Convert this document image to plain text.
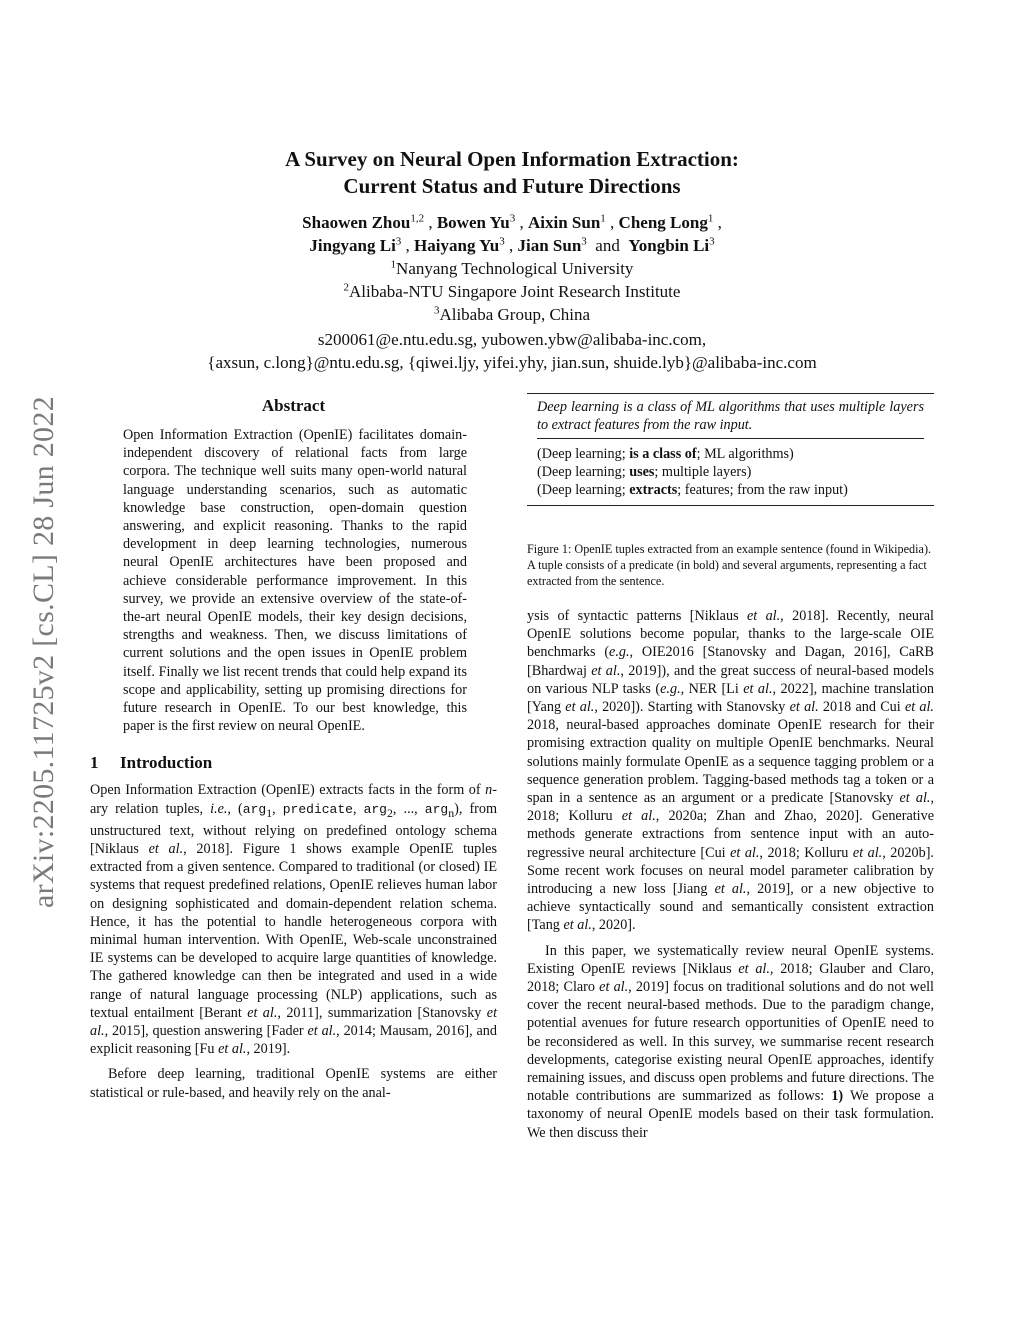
arXiv:2205.11725v2 [cs.CL] 28 Jun 2022
A Survey on Neural Open Information Extraction:
Current Status and Future Directions
Shaowen Zhou$^{1,2}$ , Bowen Yu$^3$ , Aixin Sun$^1$ , Cheng Long$^1$ ,
Jingyang Li$^3$ , Haiyang Yu$^3$ , Jian Sun$^3$ and Yongbin Li$^3$
$^1$Nanyang Technological University
$^2$Alibaba-NTU Singapore Joint Research Institute
$^3$Alibaba Group, China
s200061@e.ntu.edu.sg, yubowen.ybw@alibaba-inc.com,
{axsun, c.long}@ntu.edu.sg, {qiwei.ljy, yifei.yhy, jian.sun, shuide.lyb}@alibaba-inc.com
Abstract

Open Information Extraction (OpenIE) facilitates domain-independent discovery of relational facts from large corpora. The technique well suits many open-world natural language understanding scenarios, such as automatic knowledge base construction, open-domain question answering, and explicit reasoning. Thanks to the rapid development in deep learning technologies, numerous neural OpenIE architectures have been proposed and achieve considerable performance improvement. In this survey, we provide an extensive overview of the state-of-the-art neural OpenIE models, their key design decisions, strengths and weakness. Then, we discuss limitations of current solutions and the open issues in OpenIE problem itself. Finally we list recent trends that could help expand its scope and applicability, setting up promising directions for future research in OpenIE. To our best knowledge, this paper is the first review on neural OpenIE.

1 Introduction

Open Information Extraction (OpenIE) extracts facts in the form of n-ary relation tuples, i.e., (arg$_1$, predicate, arg$_2$, ..., arg$_n$), from unstructured text, without relying on predefined ontology schema [Niklaus et al., 2018]. Figure 1 shows example OpenIE tuples extracted from a given sentence. Compared to traditional (or closed) IE systems that request predefined relations, OpenIE relieves human labor on designing sophisticated and domain-dependent relation schema. Hence, it has the potential to handle heterogeneous corpora with minimal human intervention. With OpenIE, Web-scale unconstrained IE systems can be developed to acquire large quantities of knowledge. The gathered knowledge can then be integrated and used in a wide range of natural language processing (NLP) applications, such as textual entailment [Berant et al., 2011], summarization [Stanovsky et al., 2015], question answering [Fader et al., 2014; Mausam, 2016], and explicit reasoning [Fu et al., 2019].

Before deep learning, traditional OpenIE systems are either statistical or rule-based, and heavily rely on the anal-

Deep learning is a class of ML algorithms that uses multiple layers to extract features from the raw input.
(Deep learning; is a class of; ML algorithms)
(Deep learning; uses; multiple layers)
(Deep learning; extracts; features; from the raw input)
Figure 1: OpenIE tuples extracted from an example sentence (found in Wikipedia). A tuple consists of a predicate (in bold) and several arguments, representing a fact extracted from the sentence.

ysis of syntactic patterns [Niklaus et al., 2018]. Recently, neural OpenIE solutions become popular, thanks to the large-scale OIE benchmarks (e.g., OIE2016 [Stanovsky and Dagan, 2016], CaRB [Bhardwaj et al., 2019]), and the great success of neural-based models on various NLP tasks (e.g., NER [Li et al., 2022], machine translation [Yang et al., 2020]). Starting with Stanovsky et al. 2018 and Cui et al. 2018, neural-based approaches dominate OpenIE research for their promising extraction quality on multiple OpenIE benchmarks. Neural solutions mainly formulate OpenIE as a sequence tagging problem or a sequence generation problem. Tagging-based methods tag a token or a span in a sentence as an argument or a predicate [Stanovsky et al., 2018; Kolluru et al., 2020a; Zhan and Zhao, 2020]. Generative methods generate extractions from sentence input with an auto-regressive neural architecture [Cui et al., 2018; Kolluru et al., 2020b]. Some recent work focuses on neural model parameter calibration by introducing a new loss [Jiang et al., 2019], or a new objective to achieve syntactically sound and semantically consistent extraction [Tang et al., 2020].

In this paper, we systematically review neural OpenIE systems. Existing OpenIE reviews [Niklaus et al., 2018; Glauber and Claro, 2018; Claro et al., 2019] focus on traditional solutions and do not well cover the recent neural-based methods. Due to the paradigm change, potential avenues for future research opportunities of OpenIE need to be reconsidered as well. In this survey, we summarise recent research developments, categorise existing neural OpenIE approaches, identify remaining issues, and discuss open problems and future directions. The notable contributions are summarized as follows: 1) We propose a taxonomy of neural OpenIE models based on their task formulation. We then discuss their
